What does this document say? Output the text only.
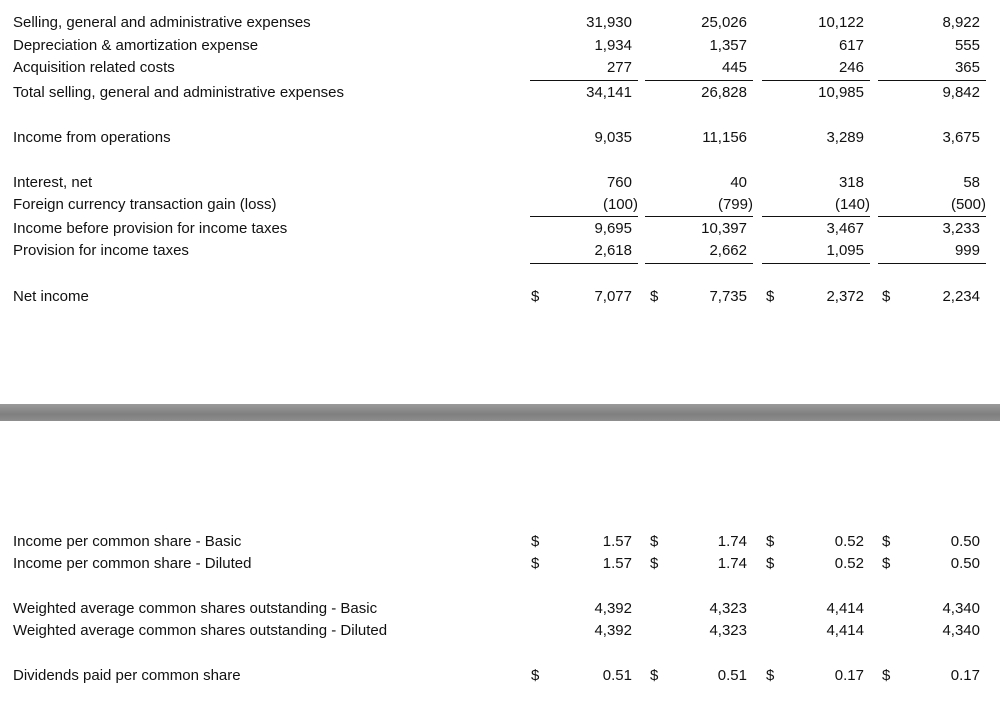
Selling, general and administrative expenses	31,930	25,026	10,122	8,922
Depreciation & amortization expense	1,934	1,357	617	555
Acquisition related costs	277	445	246	365
Total selling, general and administrative expenses	34,141	26,828	10,985	9,842
Income from operations	9,035	11,156	3,289	3,675
Interest, net	760	40	318	58
Foreign currency transaction gain (loss)	(100)	(799)	(140)	(500)
Income before provision for income taxes	9,695	10,397	3,467	3,233
Provision for income taxes	2,618	2,662	1,095	999
Net income	$	7,077 $	7,735 $	2,372 $	2,234
Income per common share - Basic	$	1.57 $	1.74 $	0.52 $	0.50
Income per common share - Diluted	$	1.57 $	1.74 $	0.52 $	0.50
Weighted average common shares outstanding - Basic	4,392	4,323	4,414	4,340
Weighted average common shares outstanding - Diluted	4,392	4,323	4,414	4,340
Dividends paid per common share	$	0.51 $	0.51 $	0.17 $	0.17
